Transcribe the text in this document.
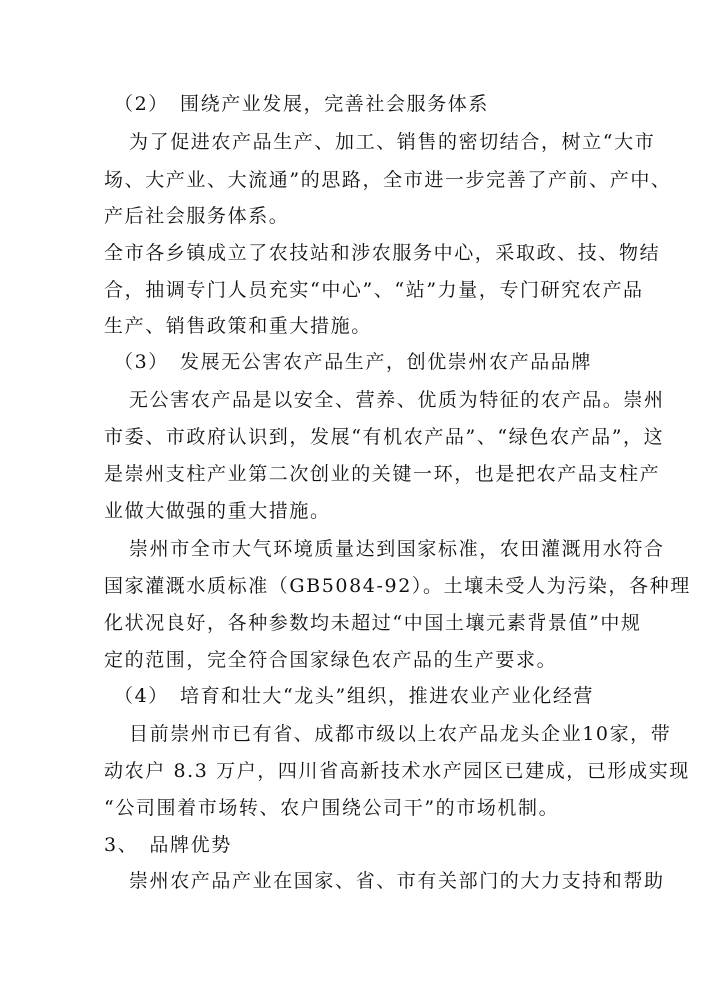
（2）　围绕产业发展，完善社会服务体系
为了促进农产品生产、加工、销售的密切结合，树立“大市
场、大产业、大流通”的思路，全市进一步完善了产前、产中、
产后社会服务体系。
全市各乡镇成立了农技站和涉农服务中心，采取政、技、物结
合，抽调专门人员充实“中心”、“站”力量，专门研究农产品
生产、销售政策和重大措施。
（3）　发展无公害农产品生产，创优崇州农产品品牌
无公害农产品是以安全、营养、优质为特征的农产品。崇州
市委、市政府认识到，发展“有机农产品”、“绿色农产品”，这
是崇州支柱产业第二次创业的关键一环，也是把农产品支柱产
业做大做强的重大措施。
崇州市全市大气环境质量达到国家标准，农田灌溉用水符合
国家灌溉水质标准（GB5084-92）。土壤未受人为污染，各种理
化状况良好，各种参数均未超过“中国土壤元素背景值”中规
定的范围，完全符合国家绿色农产品的生产要求。
（4）　培育和壮大“龙头”组织，推进农业产业化经营
目前崇州市已有省、成都市级以上农产品龙头企业10家，带
动农户 8.3 万户，四川省高新技术水产园区已建成，已形成实现
“公司围着市场转、农户围绕公司干”的市场机制。
3、　品牌优势
崇州农产品产业在国家、省、市有关部门的大力支持和帮助
